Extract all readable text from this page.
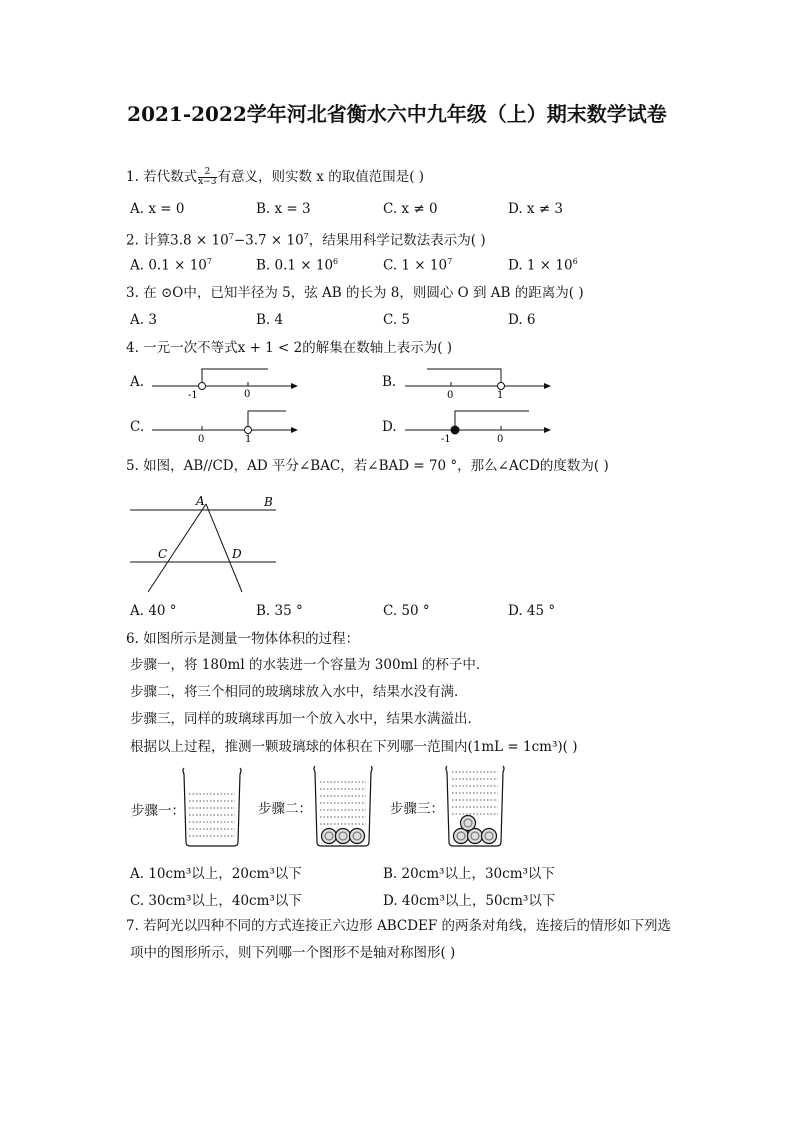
2021-2022学年河北省衡水六中九年级（上）期末数学试卷
1. 若代数式 $\frac{2}{x-3}$ 有意义，则实数 x 的取值范围是( )
A. x = 0	B. x = 3	C. x ≠ 0	D. x ≠ 3
2. 计算$3.8 \times 10^7-3.7 \times 10^7$，结果用科学记数法表示为( )
A. $0.1 \times 10^7$	B. $0.1 \times 10^6$	C. $1 \times 10^7$	D. $1 \times 10^6$
3. 在 ⊙O中，已知半径为 5，弦 AB 的长为 8，则圆心 O 到 AB 的距离为( )
A. 3	B. 4	C. 5	D. 6
4. 一元一次不等式x + 1 < 2的解集在数轴上表示为( )
A.	B.
C.	D.
-1	0	0	1
0	1	-1	0
5. 如图，AB//CD，AD 平分∠BAC，若∠BAD = 70 °，那么∠ACD的度数为( )
A	B
C	D
A. 40 °	B. 35 °	C. 50 °	D. 45 °
6. 如图所示是测量一物体体积的过程：
步骤一，将 180ml 的水装进一个容量为 300ml 的杯子中．
步骤二，将三个相同的玻璃球放入水中，结果水没有满．
步骤三，同样的玻璃球再加一个放入水中，结果水满溢出．
根据以上过程，推测一颗玻璃球的体积在下列哪一范围内(1mL = 1cm³)( )
步骤一：	步骤二：	步骤三：
A. 10cm³以上，20cm³以下	B. 20cm³以上，30cm³以下
C. 30cm³以上，40cm³以下	D. 40cm³以上，50cm³以下
7. 若阿光以四种不同的方式连接正六边形 ABCDEF 的两条对角线，连接后的情形如下列选
项中的图形所示，则下列哪一个图形不是轴对称图形( )
